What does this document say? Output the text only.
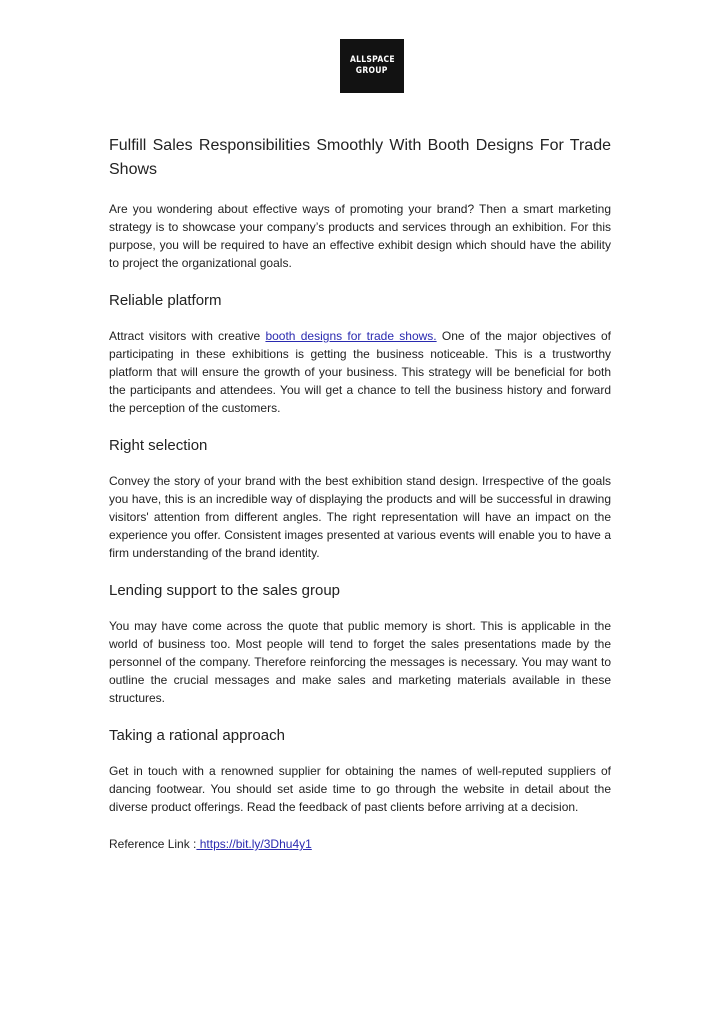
ALLSPACE
GROUP
Fulfill Sales Responsibilities Smoothly With Booth Designs For Trade Shows

Are you wondering about effective ways of promoting your brand? Then a smart marketing strategy is to showcase your company’s products and services through an exhibition. For this purpose, you will be required to have an effective exhibit design which should have the ability to project the organizational goals.

Reliable platform

Attract visitors with creative booth designs for trade shows. One of the major objectives of participating in these exhibitions is getting the business noticeable. This is a trustworthy platform that will ensure the growth of your business. This strategy will be beneficial for both the participants and attendees. You will get a chance to tell the business history and forward the perception of the customers.

Right selection

Convey the story of your brand with the best exhibition stand design. Irrespective of the goals you have, this is an incredible way of displaying the products and will be successful in drawing visitors' attention from different angles. The right representation will have an impact on the experience you offer. Consistent images presented at various events will enable you to have a firm understanding of the brand identity.

Lending support to the sales group

You may have come across the quote that public memory is short. This is applicable in the world of business too. Most people will tend to forget the sales presentations made by the personnel of the company. Therefore reinforcing the messages is necessary. You may want to outline the crucial messages and make sales and marketing materials available in these structures.

Taking a rational approach

Get in touch with a renowned supplier for obtaining the names of well-reputed suppliers of dancing footwear. You should set aside time to go through the website in detail about the diverse product offerings. Read the feedback of past clients before arriving at a decision.

Reference Link : https://bit.ly/3Dhu4y1
